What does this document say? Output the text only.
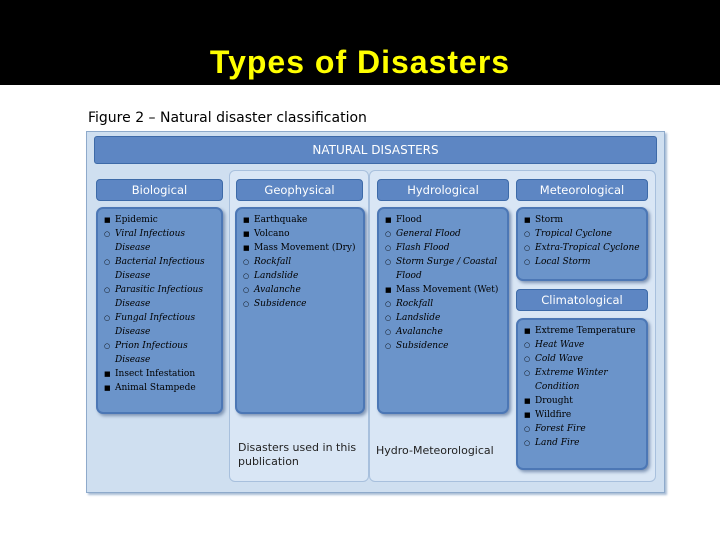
Types of Disasters
Figure 2 – Natural disaster classification
NATURAL DISASTERS
Biological	Geophysical	Hydrological	Meteorological
Climatological
■ Epidemic
○ Viral Infectious Disease
○ Bacterial Infectious Disease
○ Parasitic Infectious Disease
○ Fungal Infectious Disease
○ Prion Infectious Disease
■ Insect Infestation
■ Animal Stampede
■ Earthquake
■ Volcano
■ Mass Movement (Dry)
○ Rockfall
○ Landslide
○ Avalanche
○ Subsidence
■ Flood
○ General Flood
○ Flash Flood
○ Storm Surge / Coastal Flood
■ Mass Movement (Wet)
○ Rockfall
○ Landslide
○ Avalanche
○ Subsidence
■ Storm
○ Tropical Cyclone
○ Extra-Tropical Cyclone
○ Local Storm
■ Extreme Temperature
○ Heat Wave
○ Cold Wave
○ Extreme Winter Condition
■ Drought
■ Wildfire
○ Forest Fire
○ Land Fire
Disasters used in this publication
Hydro-Meteorological
